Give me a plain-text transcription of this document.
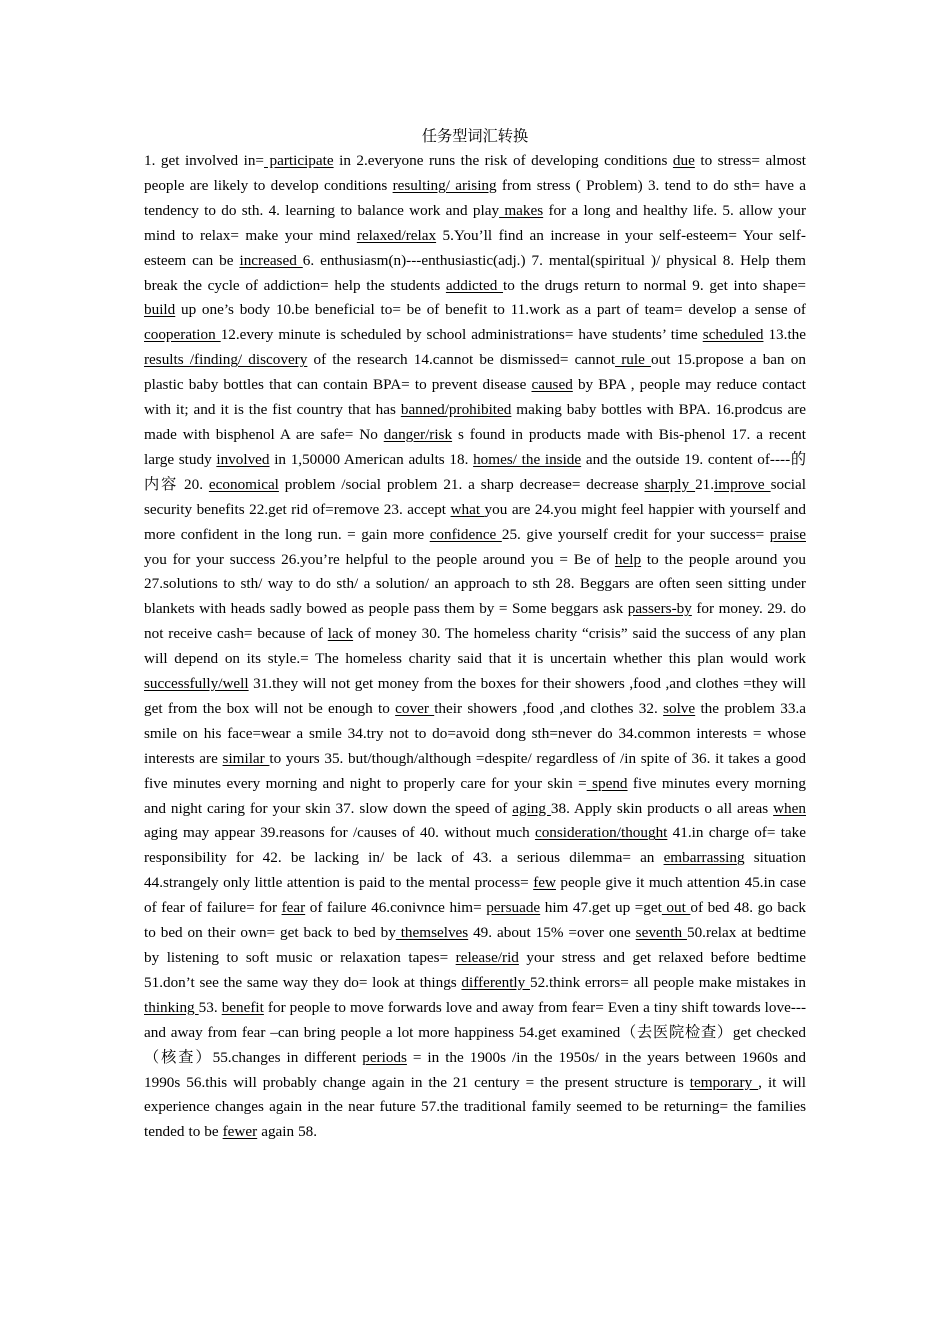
任务型词汇转换

1. get involved in= participate in 2.everyone runs the risk of developing conditions due to stress= almost people are likely to develop conditions resulting/ arising from stress ( Problem) 3. tend to do sth= have a tendency to do sth. 4. learning to balance work and play makes for a long and healthy life. 5. allow your mind to relax= make your mind relaxed/relax 5.You’ll find an increase in your self-esteem= Your self-esteem can be increased 6. enthusiasm(n)---enthusiastic(adj.) 7. mental(spiritual )/ physical 8. Help them break the cycle of addiction= help the students addicted to the drugs return to normal 9. get into shape= build up one’s body 10.be beneficial to= be of benefit to 11.work as a part of team= develop a sense of cooperation 12.every minute is scheduled by school administrations= have students’ time scheduled 13.the results /finding/ discovery of the research 14.cannot be dismissed= cannot rule out 15.propose a ban on plastic baby bottles that can contain BPA= to prevent disease caused by BPA , people may reduce contact with it; and it is the fist country that has banned/prohibited making baby bottles with BPA. 16.prodcus are made with bisphenol A are safe= No danger/risk s found in products made with Bis-phenol 17. a recent large study involved in 1,50000 American adults 18. homes/ the inside and the outside 19. content of----的内容 20. economical problem /social problem 21. a sharp decrease= decrease sharply 21.improve social security benefits 22.get rid of=remove 23. accept what you are 24.you might feel happier with yourself and more confident in the long run. = gain more confidence 25. give yourself credit for your success= praise you for your success 26.you’re helpful to the people around you = Be of help to the people around you 27.solutions to sth/ way to do sth/ a solution/ an approach to sth 28. Beggars are often seen sitting under blankets with heads sadly bowed as people pass them by = Some beggars ask passers-by for money. 29. do not receive cash= because of lack of money 30. The homeless charity “crisis” said the success of any plan will depend on its style.= The homeless charity said that it is uncertain whether this plan would work successfully/well 31.they will not get money from the boxes for their showers ,food ,and clothes =they will get from the box will not be enough to cover their showers ,food ,and clothes 32. solve the problem 33.a smile on his face=wear a smile 34.try not to do=avoid dong sth=never do 34.common interests = whose interests are similar to yours 35. but/though/although =despite/ regardless of /in spite of 36. it takes a good five minutes every morning and night to properly care for your skin = spend five minutes every morning and night caring for your skin 37. slow down the speed of aging 38. Apply skin products o all areas when aging may appear 39.reasons for /causes of 40. without much consideration/thought 41.in charge of= take responsibility for 42. be lacking in/ be lack of 43. a serious dilemma= an embarrassing situation 44.strangely only little attention is paid to the mental process= few people give it much attention 45.in case of fear of failure= for fear of failure 46.conivnce him= persuade him 47.get up =get out of bed 48. go back to bed on their own= get back to bed by themselves 49. about 15% =over one seventh 50.relax at bedtime by listening to soft music or relaxation tapes= release/rid your stress and get relaxed before bedtime 51.don’t see the same way they do= look at things differently 52.think errors= all people make mistakes in thinking 53. benefit for people to move forwards love and away from fear= Even a tiny shift towards love--- and away from fear –can bring people a lot more happiness 54.get examined（去医院检查）get checked （核查）55.changes in different periods = in the 1900s /in the 1950s/ in the years between 1960s and 1990s 56.this will probably change again in the 21 century = the present structure is temporary , it will experience changes again in the near future 57.the traditional family seemed to be returning= the families tended to be fewer again 58.
